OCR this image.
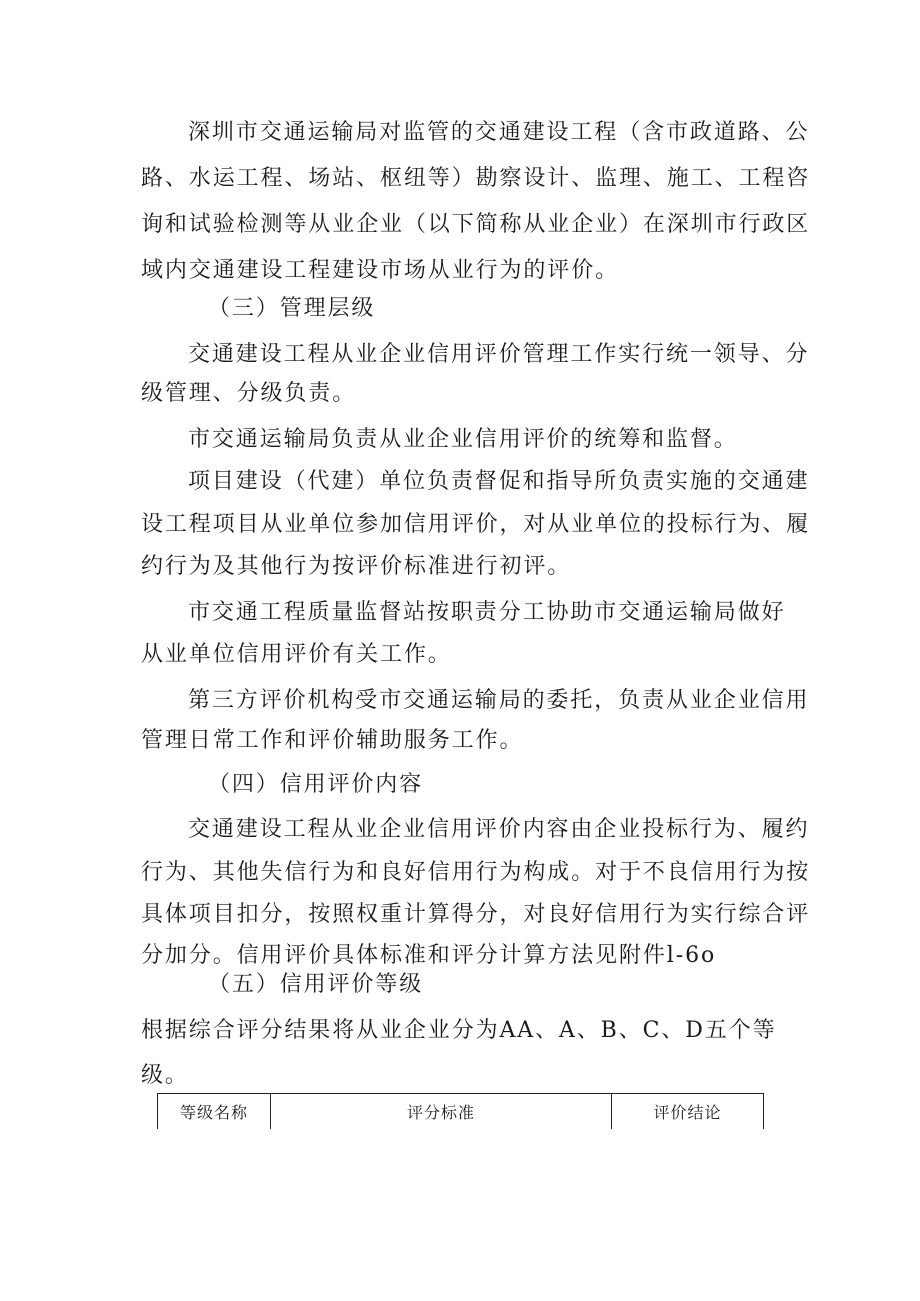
深圳市交通运输局对监管的交通建设工程（含市政道路、公
路、水运工程、场站、枢纽等）勘察设计、监理、施工、工程咨
询和试验检测等从业企业（以下简称从业企业）在深圳市行政区
域内交通建设工程建设市场从业行为的评价。
（三）管理层级
交通建设工程从业企业信用评价管理工作实行统一领导、分
级管理、分级负责。
市交通运输局负责从业企业信用评价的统筹和监督。
项目建设（代建）单位负责督促和指导所负责实施的交通建
设工程项目从业单位参加信用评价，对从业单位的投标行为、履
约行为及其他行为按评价标准进行初评。
市交通工程质量监督站按职责分工协助市交通运输局做好
从业单位信用评价有关工作。
第三方评价机构受市交通运输局的委托，负责从业企业信用
管理日常工作和评价辅助服务工作。
（四）信用评价内容
交通建设工程从业企业信用评价内容由企业投标行为、履约
行为、其他失信行为和良好信用行为构成。对于不良信用行为按
具体项目扣分，按照权重计算得分，对良好信用行为实行综合评
分加分。信用评价具体标准和评分计算方法见附件l-6o
（五）信用评价等级
根据综合评分结果将从业企业分为AA、A、B、C、D五个等
级。
等级名称	评分标准	评价结论
